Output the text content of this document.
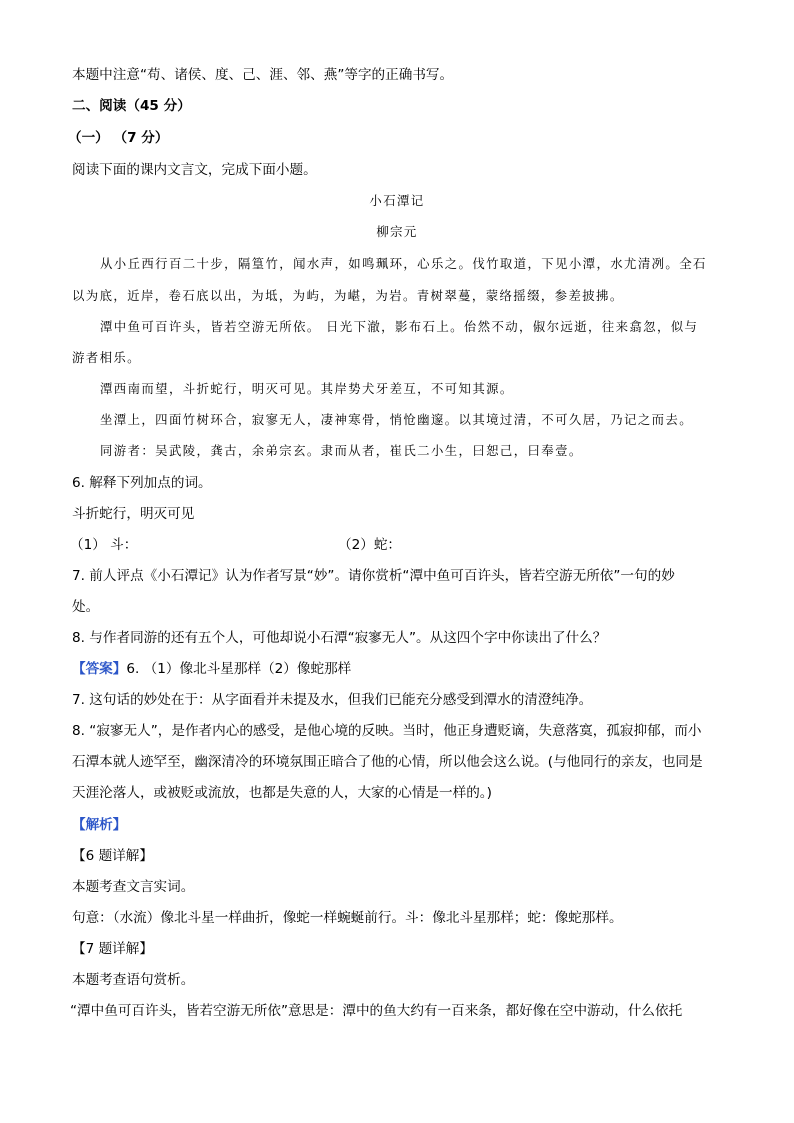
本题中注意“苟、诸侯、度、己、涯、邻、燕”等字的正确书写。
二、阅读（45 分）
（一） （7 分）
阅读下面的课内文言文，完成下面小题。
小石潭记
柳宗元
从小丘西行百二十步，隔篁竹，闻水声，如鸣珮环，心乐之。伐竹取道，下见小潭，水尤清冽。全石
以为底，近岸，卷石底以出，为坻，为屿，为嵁，为岩。青树翠蔓，蒙络摇缀，参差披拂。
潭中鱼可百许头，皆若空游无所依。 日光下澈，影布石上。佁然不动，俶尔远逝，往来翕忽，似与
游者相乐。
潭西南而望，斗折蛇行，明灭可见。其岸势犬牙差互，不可知其源。
坐潭上，四面竹树环合，寂寥无人，凄神寒骨，悄怆幽邃。以其境过清，不可久居，乃记之而去。
同游者：吴武陵，龚古，余弟宗玄。隶而从者，崔氏二小生，曰恕己，曰奉壹。
6. 解释下列加点的词。
斗折蛇行，明灭可见
（1） 斗：	（2）蛇：
7. 前人评点《小石潭记》认为作者写景“妙”。请你赏析“潭中鱼可百许头，皆若空游无所依”一句的妙
处。
8. 与作者同游的还有五个人，可他却说小石潭“寂寥无人”。从这四个字中你读出了什么？
【答案】6. （1）像北斗星那样（2）像蛇那样
7. 这句话的妙处在于：从字面看并未提及水，但我们已能充分感受到潭水的清澄纯净。
8. “寂寥无人”，是作者内心的感受，是他心境的反映。当时，他正身遭贬谪，失意落寞，孤寂抑郁，而小
石潭本就人迹罕至，幽深清冷的环境氛围正暗合了他的心情，所以他会这么说。(与他同行的亲友，也同是
天涯沦落人，或被贬或流放，也都是失意的人，大家的心情是一样的。)
【解析】
【6 题详解】
本题考查文言实词。
句意：（水流）像北斗星一样曲折，像蛇一样蜿蜒前行。斗：像北斗星那样；蛇：像蛇那样。
【7 题详解】
本题考查语句赏析。
“潭中鱼可百许头，皆若空游无所依”意思是：潭中的鱼大约有一百来条，都好像在空中游动，什么依托
